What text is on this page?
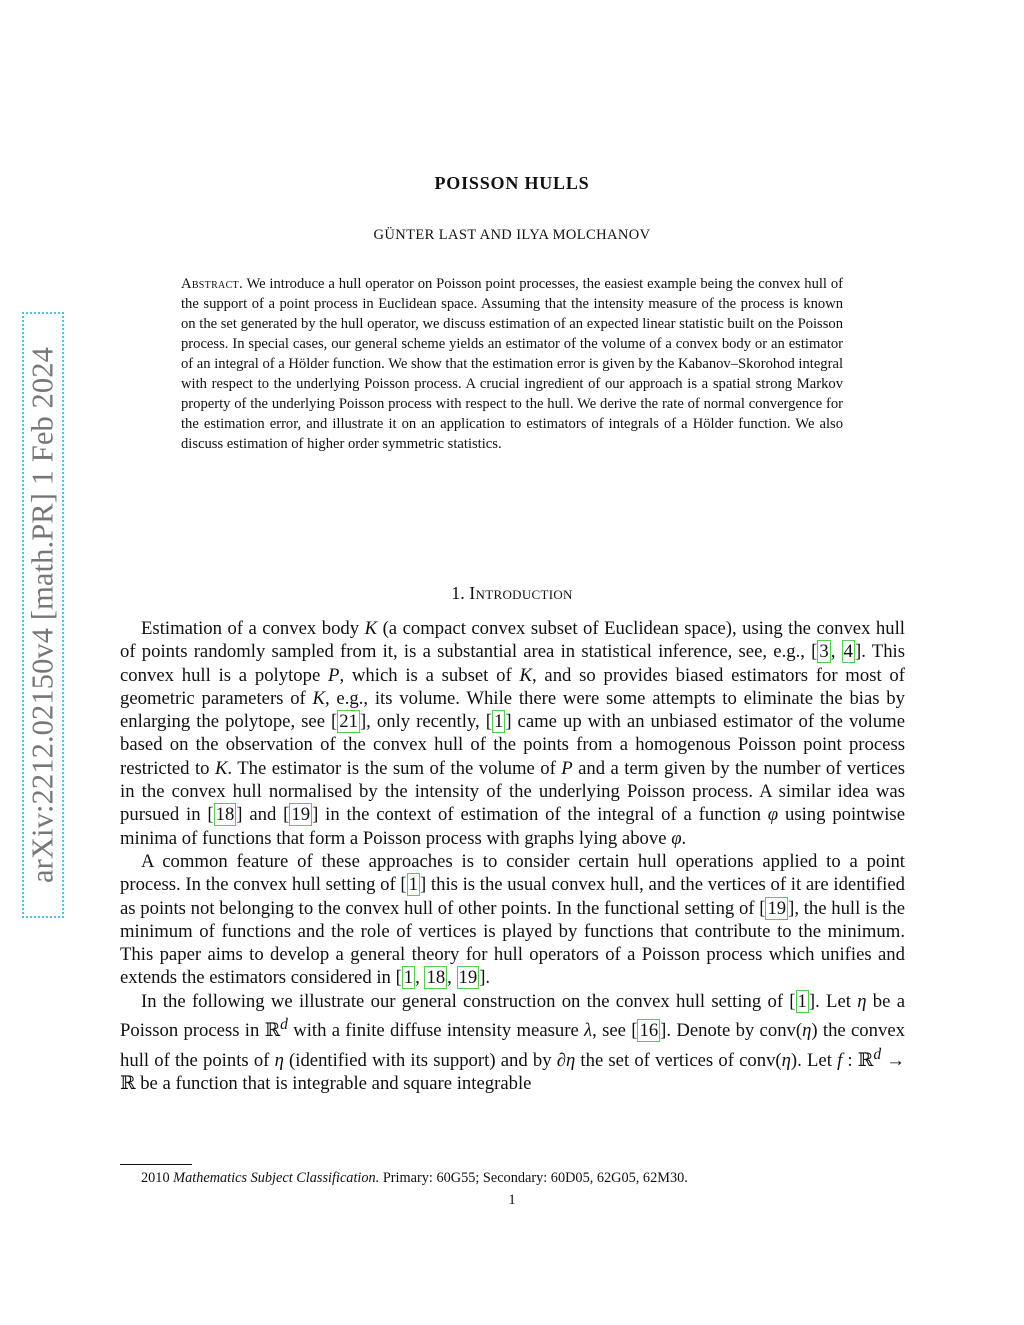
arXiv:2212.02150v4 [math.PR] 1 Feb 2024
POISSON HULLS
GÜNTER LAST AND ILYA MOLCHANOV
Abstract. We introduce a hull operator on Poisson point processes, the easiest example being the convex hull of the support of a point process in Euclidean space. Assuming that the intensity measure of the process is known on the set generated by the hull operator, we discuss estimation of an expected linear statistic built on the Poisson process. In special cases, our general scheme yields an estimator of the volume of a convex body or an estimator of an integral of a Hölder function. We show that the estimation error is given by the Kabanov–Skorohod integral with respect to the underlying Poisson process. A crucial ingredient of our approach is a spatial strong Markov property of the underlying Poisson process with respect to the hull. We derive the rate of normal convergence for the estimation error, and illustrate it on an application to estimators of integrals of a Hölder function. We also discuss estimation of higher order symmetric statistics.
1. Introduction

Estimation of a convex body K (a compact convex subset of Euclidean space), using the convex hull of points randomly sampled from it, is a substantial area in statistical inference, see, e.g., [ 3 , 4 ]. This convex hull is a polytope P, which is a subset of K, and so provides biased estimators for most of geometric parameters of K, e.g., its volume. While there were some attempts to eliminate the bias by enlarging the polytope, see [ 21 ], only recently, [ 1 ] came up with an unbiased estimator of the volume based on the observation of the convex hull of the points from a homogenous Poisson point process restricted to K. The estimator is the sum of the volume of P and a term given by the number of vertices in the convex hull normalised by the intensity of the underlying Poisson process. A similar idea was pursued in [ 18 ] and [ 19 ] in the context of estimation of the integral of a function φ using pointwise minima of functions that form a Poisson process with graphs lying above φ.

A common feature of these approaches is to consider certain hull operations applied to a point process. In the convex hull setting of [ 1 ] this is the usual convex hull, and the vertices of it are identified as points not belonging to the convex hull of other points. In the functional setting of [ 19 ], the hull is the minimum of functions and the role of vertices is played by functions that contribute to the minimum. This paper aims to develop a general theory for hull operators of a Poisson process which unifies and extends the estimators considered in [ 1 , 18 , 19 ].

In the following we illustrate our general construction on the convex hull setting of [ 1 ]. Let η be a Poisson process in ℝ$^d$ with a finite diffuse intensity measure λ, see [ 16 ]. Denote by conv(η) the convex hull of the points of η (identified with its support) and by ∂η the set of vertices of conv(η). Let f : ℝ$^d$ → ℝ be a function that is integrable and square integrable

2010 Mathematics Subject Classification. Primary: 60G55; Secondary: 60D05, 62G05, 62M30.
1
